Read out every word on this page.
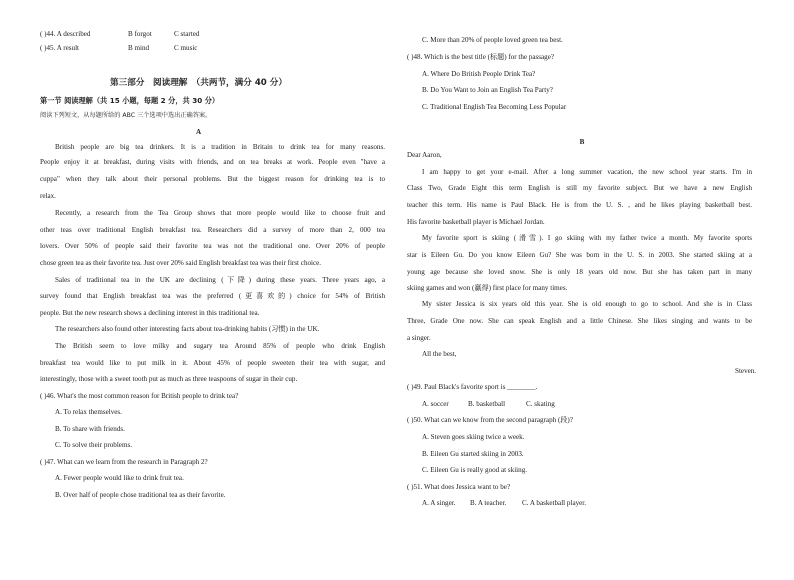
( )44. A described	B forgot	C started
( )45. A result	B mind	C music
第三部分　阅读理解　（共两节，满分 40 分）
第一节 阅读理解（共 15 小题，每题 2 分，共 30 分）
阅读下列短文，从每题所给的 ABC 三个选项中选出正确答案。
A
British people are big tea drinkers. It is a tradition in Britain to drink tea for many reasons.
People enjoy it at breakfast, during visits with friends, and on tea breaks at work. People even "have a
cuppa" when they talk about their personal problems. But the biggest reason for drinking tea is to
relax.
Recently, a research from the Tea Group shows that more people would like to choose fruit and
other teas over traditional English breakfast tea. Researchers did a survey of more than 2, 000 tea
lovers. Over 50% of people said their favorite tea was not the traditional one. Over 20% of people
chose green tea as their favorite tea. Just over 20% said English breakfast tea was their first choice.
Sales of traditional tea in the UK are declining (下降) during these years. Three years ago, a
survey found that English breakfast tea was the preferred (更喜欢的) choice for 54% of British
people. But the new research shows a declining interest in this traditional tea.
The researchers also found other interesting facts about tea-drinking habits (习惯) in the UK.
The British seem to love milky and sugary tea Around 85% of people who drink English
breakfast tea would like to put milk in it. About 45% of people sweeten their tea with sugar, and
interestingly, those with a sweet tooth put as much as three teaspoons of sugar in their cup.
( )46. What's the most common reason for British people to drink tea?
A. To relax themselves.
B. To share with friends.
C. To solve their problems.
( )47. What can we learn from the research in Paragraph 2?
A. Fewer people would like to drink fruit tea.
B. Over half of people chose traditional tea as their favorite.
C. More than 20% of people loved green tea best.
( )48. Which is the best title (标题) for the passage?
A. Where Do British People Drink Tea?
B. Do You Want to Join an English Tea Party?
C. Traditional English Tea Becoming Less Popular
B
Dear Aaron,
I am happy to get your e-mail. After a long summer vacation, the new school year starts. I'm in
Class Two, Grade Eight this term English is still my favorite subject. But we have a new English
teacher this term. His name is Paul Black. He is from the U. S. , and he likes playing basketball best.
His favorite basketball player is Michael Jordan.
My favorite sport is skiing (滑雪). I go skiing with my father twice a month. My favorite sports
star is Eileen Gu. Do you know Eileen Gu? She was born in the U. S. in 2003. She started skiing at a
young age because she loved snow. She is only 18 years old now. But she has taken part in many
skiing games and won (赢得) first place for many times.
My sister Jessica is six years old this year. She is old enough to go to school. And she is in Class
Three, Grade One now. She can speak English and a little Chinese. She likes singing and wants to be
a singer.
All the best,
Steven.
( )49. Paul Black's favorite sport is ________.
A. soccer	B. basketball	C. skating
( )50. What can we know from the second paragraph (段)?
A. Steven goes skiing twice a week.
B. Eileen Gu started skiing in 2003.
C. Eileen Gu is really good at skiing.
( )51. What does Jessica want to be?
A. A singer. B. A teacher. C. A basketball player.
